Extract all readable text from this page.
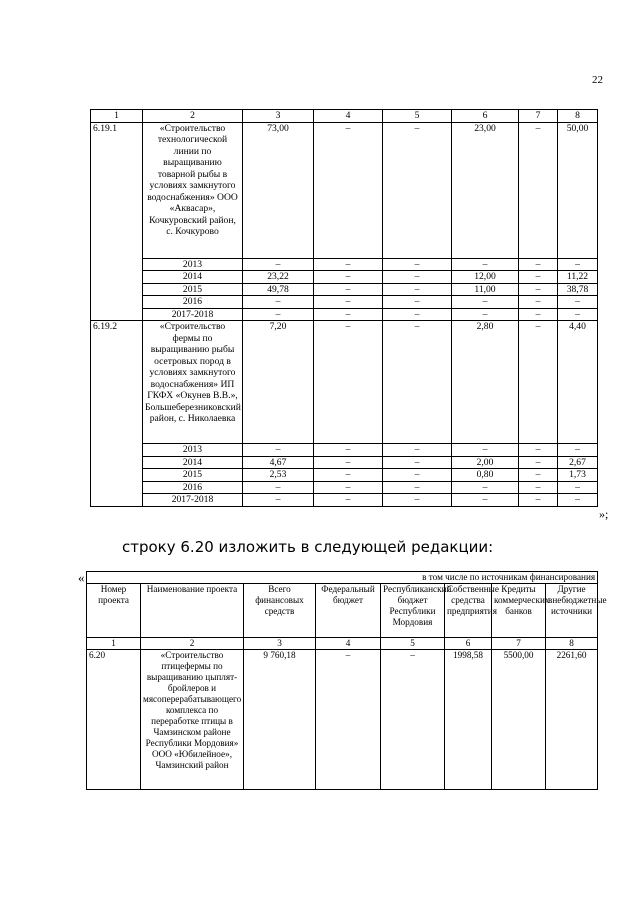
22
1	2	3	4	5	6	7	8
6.19.1	«Строительство технологической линии по выращиванию товарной рыбы в условиях замкнутого водоснабжения» ООО «Аквасар», Кочкуровский район, с. Кочкурово	73,00	–	–	23,00	–	50,00
	2013	–	–	–	–	–	–
	2014	23,22	–	–	12,00	–	11,22
	2015	49,78	–	–	11,00	–	38,78
	2016	–	–	–	–	–	–
	2017-2018	–	–	–	–	–	–
6.19.2	«Строительство фермы по выращиванию рыбы осетровых пород в условиях замкнутого водоснабжения» ИП ГКФХ «Окунев В.В.», Большеберезниковский район, с. Николаевка	7,20	–	–	2,80	–	4,40
	2013	–	–	–	–	–	–
	2014	4,67	–	–	2,00	–	2,67
	2015	2,53	–	–	0,80	–	1,73
	2016	–	–	–	–	–	–
	2017-2018	–	–	–	–	–	–
»;
строку 6.20 изложить в следующей редакции:
«	в том числе по источникам финансирования							
Номер проекта	Наименование проекта	Всего финансовых средств	Федеральный бюджет	Республиканский бюджет Республики Мордовия	Собственные средства предприятия	Кредиты коммерческих банков	Другие внебюджетные источники
1	2	3	4	5	6	7	8
6.20	«Строительство птицефермы по выращиванию цыплят-бройлеров и мясоперерабатывающего комплекса по переработке птицы в Чамзинском районе Республики Мордовия» ООО «Юбилейное», Чамзинский район	9 760,18	–	–	1998,58	5500,00	2261,60
